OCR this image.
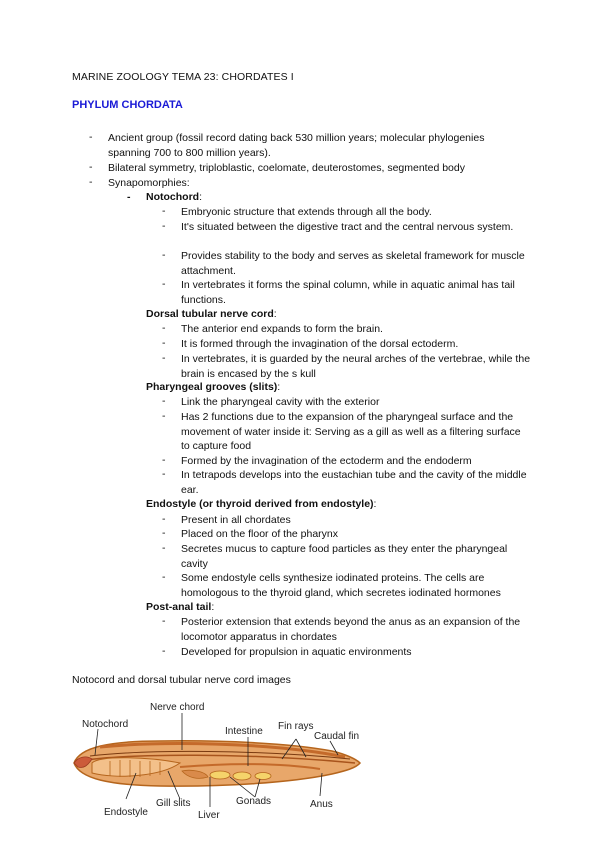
MARINE ZOOLOGY TEMA 23: CHORDATES I
PHYLUM CHORDATA
- Ancient group (fossil record dating back 530 million years; molecular phylogenies spanning 700 to 800 million years).
- Bilateral symmetry, triploblastic, coelomate, deuterostomes, segmented body
- Synapomorphies:
- Notochord:
- Embryonic structure that extends through all the body.
- It's situated between the digestive tract and the central nervous system.
- Provides stability to the body and serves as skeletal framework for muscle attachment.
- In vertebrates it forms the spinal column, while in aquatic animal has tail functions.
Dorsal tubular nerve cord:
- The anterior end expands to form the brain.
- It is formed through the invagination of the dorsal ectoderm.
- In vertebrates, it is guarded by the neural arches of the vertebrae, while the brain is encased by the s kull
Pharyngeal grooves (slits):
- Link the pharyngeal cavity with the exterior
- Has 2 functions due to the expansion of the pharyngeal surface and the movement of water inside it: Serving as a gill as well as a filtering surface to capture food
- Formed by the invagination of the ectoderm and the endoderm
- In tetrapods develops into the eustachian tube and the cavity of the middle ear.
Endostyle (or thyroid derived from endostyle):
- Present in all chordates
- Placed on the floor of the pharynx
- Secretes mucus to capture food particles as they enter the pharyngeal cavity
- Some endostyle cells synthesize iodinated proteins. The cells are homologous to the thyroid gland, which secretes iodinated hormones
Post-anal tail:
- Posterior extension that extends beyond the anus as an expansion of the locomotor apparatus in chordates
- Developed for propulsion in aquatic environments
Notocord and dorsal tubular nerve cord images
Notochord
Nerve chord
Intestine Fin rays
Caudal fin
Endostyle
Gill slits
Liver
Gonads	Anus
